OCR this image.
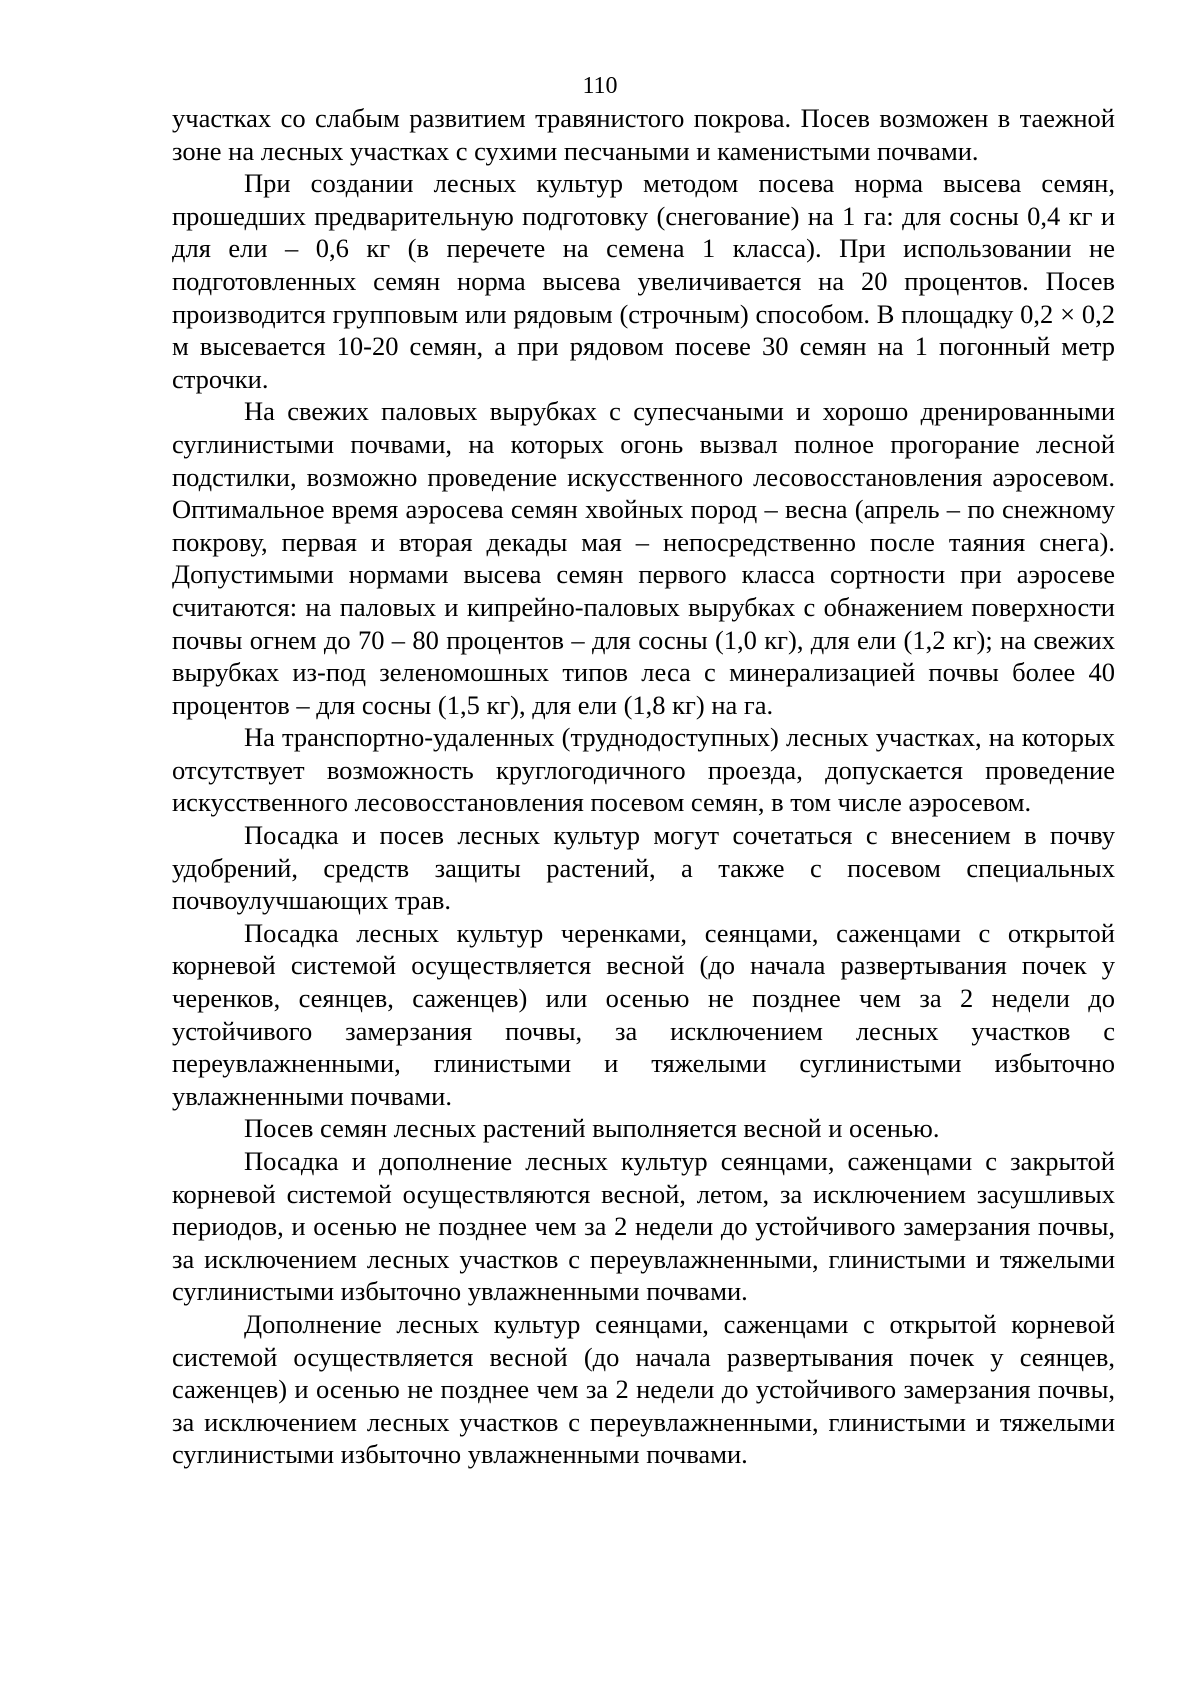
110

участках со слабым развитием травянистого покрова. Посев возможен в таежной зоне на лесных участках с сухими песчаными и каменистыми почвами.

При создании лесных культур методом посева норма высева семян, прошедших предварительную подготовку (снегование) на 1 га: для сосны 0,4 кг и для ели – 0,6 кг (в перечете на семена 1 класса). При использовании не подготовленных семян норма высева увеличивается на 20 процентов. Посев производится групповым или рядовым (строчным) способом. В площадку 0,2 × 0,2 м высевается 10-20 семян, а при рядовом посеве 30 семян на 1 погонный метр строчки.

На свежих паловых вырубках с супесчаными и хорошо дренированными суглинистыми почвами, на которых огонь вызвал полное прогорание лесной подстилки, возможно проведение искусственного лесовосстановления аэросевом. Оптимальное время аэросева семян хвойных пород – весна (апрель – по снежному покрову, первая и вторая декады мая – непосредственно после таяния снега). Допустимыми нормами высева семян первого класса сортности при аэросеве считаются: на паловых и кипрейно-паловых вырубках с обнажением поверхности почвы огнем до 70 – 80 процентов – для сосны (1,0 кг), для ели (1,2 кг); на свежих вырубках из-под зеленомошных типов леса с минерализацией почвы более 40 процентов – для сосны (1,5 кг), для ели (1,8 кг) на га.

На транспортно-удаленных (труднодоступных) лесных участках, на которых отсутствует возможность круглогодичного проезда, допускается проведение искусственного лесовосстановления посевом семян, в том числе аэросевом.

Посадка и посев лесных культур могут сочетаться с внесением в почву удобрений, средств защиты растений, а также с посевом специальных почвоулучшающих трав.

Посадка лесных культур черенками, сеянцами, саженцами с открытой корневой системой осуществляется весной (до начала развертывания почек у черенков, сеянцев, саженцев) или осенью не позднее чем за 2 недели до устойчивого замерзания почвы, за исключением лесных участков с переувлажненными, глинистыми и тяжелыми суглинистыми избыточно увлажненными почвами.

Посев семян лесных растений выполняется весной и осенью.

Посадка и дополнение лесных культур сеянцами, саженцами с закрытой корневой системой осуществляются весной, летом, за исключением засушливых периодов, и осенью не позднее чем за 2 недели до устойчивого замерзания почвы, за исключением лесных участков с переувлажненными, глинистыми и тяжелыми суглинистыми избыточно увлажненными почвами.

Дополнение лесных культур сеянцами, саженцами с открытой корневой системой осуществляется весной (до начала развертывания почек у сеянцев, саженцев) и осенью не позднее чем за 2 недели до устойчивого замерзания почвы, за исключением лесных участков с переувлажненными, глинистыми и тяжелыми суглинистыми избыточно увлажненными почвами.
